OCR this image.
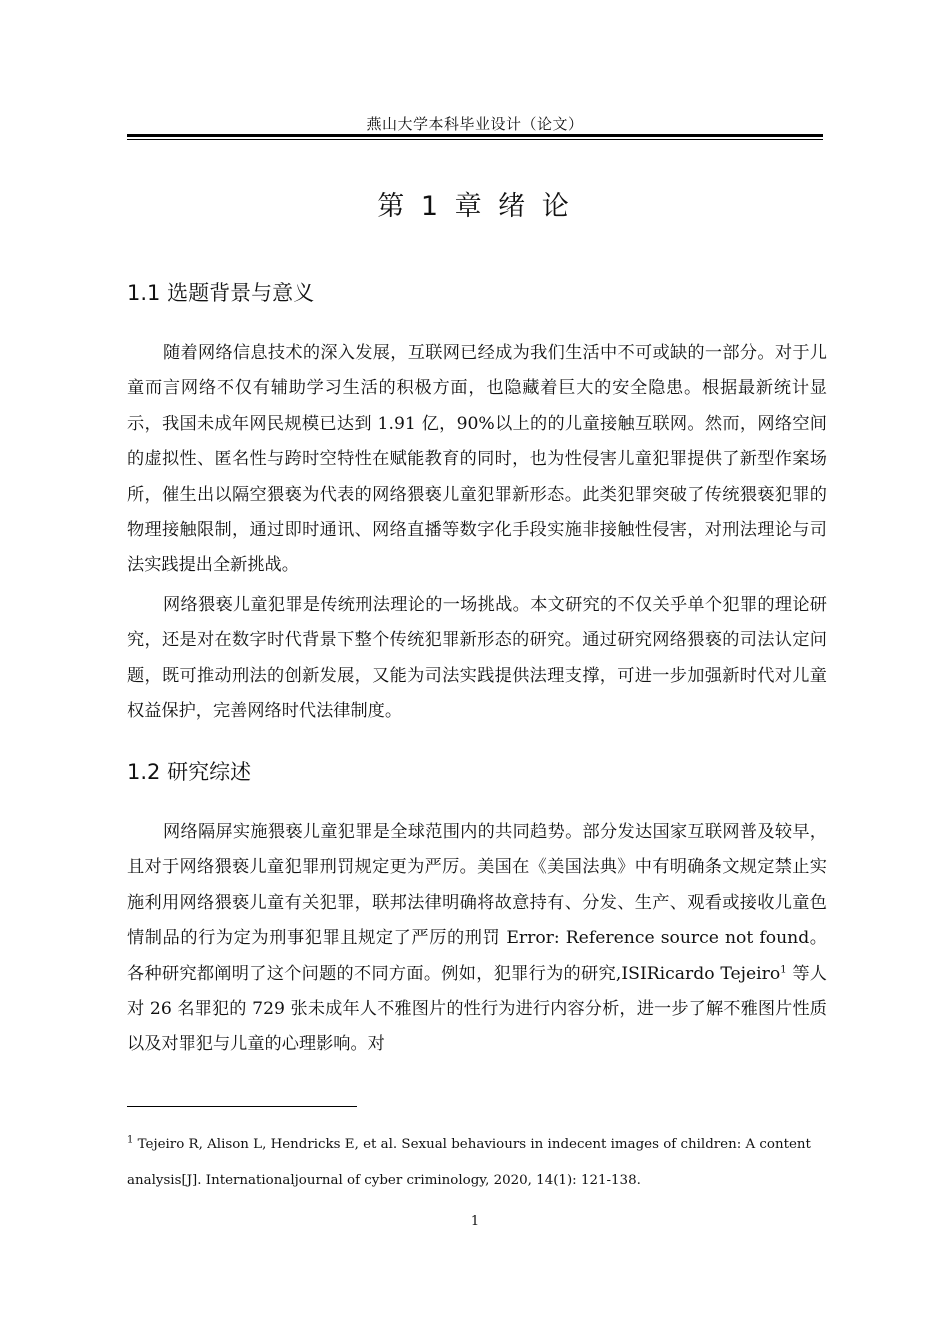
燕山大学本科毕业设计（论文）
第 1 章 绪 论
1.1 选题背景与意义

随着网络信息技术的深入发展，互联网已经成为我们生活中不可或缺的一部分。对于儿童而言网络不仅有辅助学习生活的积极方面，也隐藏着巨大的安全隐患。根据最新统计显示，我国未成年网民规模已达到 1.91 亿，90%以上的的儿童接触互联网。然而，网络空间的虚拟性、匿名性与跨时空特性在赋能教育的同时，也为性侵害儿童犯罪提供了新型作案场所，催生出以隔空猥亵为代表的网络猥亵儿童犯罪新形态。此类犯罪突破了传统猥亵犯罪的物理接触限制，通过即时通讯、网络直播等数字化手段实施非接触性侵害，对刑法理论与司法实践提出全新挑战。

网络猥亵儿童犯罪是传统刑法理论的一场挑战。本文研究的不仅关乎单个犯罪的理论研究，还是对在数字时代背景下整个传统犯罪新形态的研究。通过研究网络猥亵的司法认定问题，既可推动刑法的创新发展，又能为司法实践提供法理支撑，可进一步加强新时代对儿童权益保护，完善网络时代法律制度。

1.2 研究综述

网络隔屏实施猥亵儿童犯罪是全球范围内的共同趋势。部分发达国家互联网普及较早，且对于网络猥亵儿童犯罪刑罚规定更为严厉。美国在《美国法典》中有明确条文规定禁止实施利用网络猥亵儿童有关犯罪，联邦法律明确将故意持有、分发、生产、观看或接收儿童色情制品的行为定为刑事犯罪且规定了严厉的刑罚 Error: Reference source not found。各种研究都阐明了这个问题的不同方面。例如，犯罪行为的研究,ISIRicardo Tejeiro$^1$ 等人对 26 名罪犯的 729 张未成年人不雅图片的性行为进行内容分析，进一步了解不雅图片性质以及对罪犯与儿童的心理影响。对

$^1$ Tejeiro R, Alison L, Hendricks E, et al. Sexual behaviours in indecent images of children: A content analysis[J]. Internationaljournal of cyber criminology, 2020, 14(1): 121-138.

1
